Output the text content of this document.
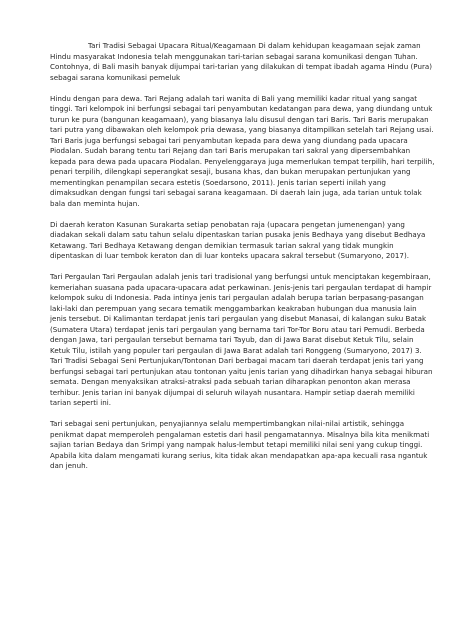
Tari Tradisi Sebagai Upacara Ritual/Keagamaan Di dalam kehidupan keagamaan sejak zaman Hindu masyarakat Indonesia telah menggunakan tari-tarian sebagai sarana komunikasi dengan Tuhan. Contohnya, di Bali masih banyak dijumpai tari-tarian yang dilakukan di tempat ibadah agama Hindu (Pura) sebagai sarana komunikasi pemeluk

Hindu dengan para dewa. Tari Rejang adalah tari wanita di Bali yang memiliki kadar ritual yang sangat tinggi. Tari kelompok ini berfungsi sebagai tari penyambutan kedatangan para dewa, yang diundang untuk turun ke pura (bangunan keagamaan), yang biasanya lalu disusul dengan tari Baris. Tari Baris merupakan tari putra yang dibawakan oleh kelompok pria dewasa, yang biasanya ditampilkan setelah tari Rejang usai. Tari Baris juga berfungsi sebagai tari penyambutan kepada para dewa yang diundang pada upacara Piodalan. Sudah barang tentu tari Rejang dan tari Baris merupakan tari sakral yang dipersembahkan kepada para dewa pada upacara Piodalan. Penyelenggaraya juga memerlukan tempat terpilih, hari terpilih, penari terpilih, dilengkapi seperangkat sesaji, busana khas, dan bukan merupakan pertunjukan yang mementingkan penampilan secara estetis (Soedarsono, 2011). Jenis tarian seperti inilah yang dimaksudkan dengan fungsi tari sebagai sarana keagamaan. Di daerah lain juga, ada tarian untuk tolak bala dan meminta hujan.

Di daerah keraton Kasunan Surakarta setiap penobatan raja (upacara pengetan jumenengan) yang diadakan sekali dalam satu tahun selalu dipentaskan tarian pusaka jenis Bedhaya yang disebut Bedhaya Ketawang. Tari Bedhaya Ketawang dengan demikian termasuk tarian sakral yang tidak mungkin dipentaskan di luar tembok keraton dan di luar konteks upacara sakral tersebut (Sumaryono, 2017).

Tari Pergaulan Tari Pergaulan adalah jenis tari tradisional yang berfungsi untuk menciptakan kegembiraan, kemeriahan suasana pada upacara-upacara adat perkawinan. Jenis-jenis tari pergaulan terdapat di hampir kelompok suku di Indonesia. Pada intinya jenis tari pergaulan adalah berupa tarian berpasang-pasangan laki-laki dan perempuan yang secara tematik menggambarkan keakraban hubungan dua manusia lain jenis tersebut. Di Kalimantan terdapat jenis tari pergaulan yang disebut Manasai, di kalangan suku Batak (Sumatera Utara) terdapat jenis tari pergaulan yang bernama tari Tor-Tor Boru atau tari Pemudi. Berbeda dengan Jawa, tari pergaulan tersebut bernama tari Tayub, dan di Jawa Barat disebut Ketuk Tilu, selain Ketuk Tilu, istilah yang populer tari pergaulan di Jawa Barat adalah tari Ronggeng (Sumaryono, 2017) 3. Tari Tradisi Sebagai Seni Pertunjukan/Tontonan Dari berbagai macam tari daerah terdapat jenis tari yang berfungsi sebagai tari pertunjukan atau tontonan yaitu jenis tarian yang dihadirkan hanya sebagai hiburan semata. Dengan menyaksikan atraksi-atraksi pada sebuah tarian diharapkan penonton akan merasa terhibur. Jenis tarian ini banyak dijumpai di seluruh wilayah nusantara. Hampir setiap daerah memiliki tarian seperti ini.

Tari sebagai seni pertunjukan, penyajiannya selalu mempertimbangkan nilai-nilai artistik, sehingga penikmat dapat memperoleh pengalaman estetis dari hasil pengamatannya. Misalnya bila kita menikmati sajian tarian Bedaya dan Srimpi yang nampak halus-lembut tetapi memiliki nilai seni yang cukup tinggi. Apabila kita dalam mengamati kurang serius, kita tidak akan mendapatkan apa-apa kecuali rasa ngantuk dan jenuh.
